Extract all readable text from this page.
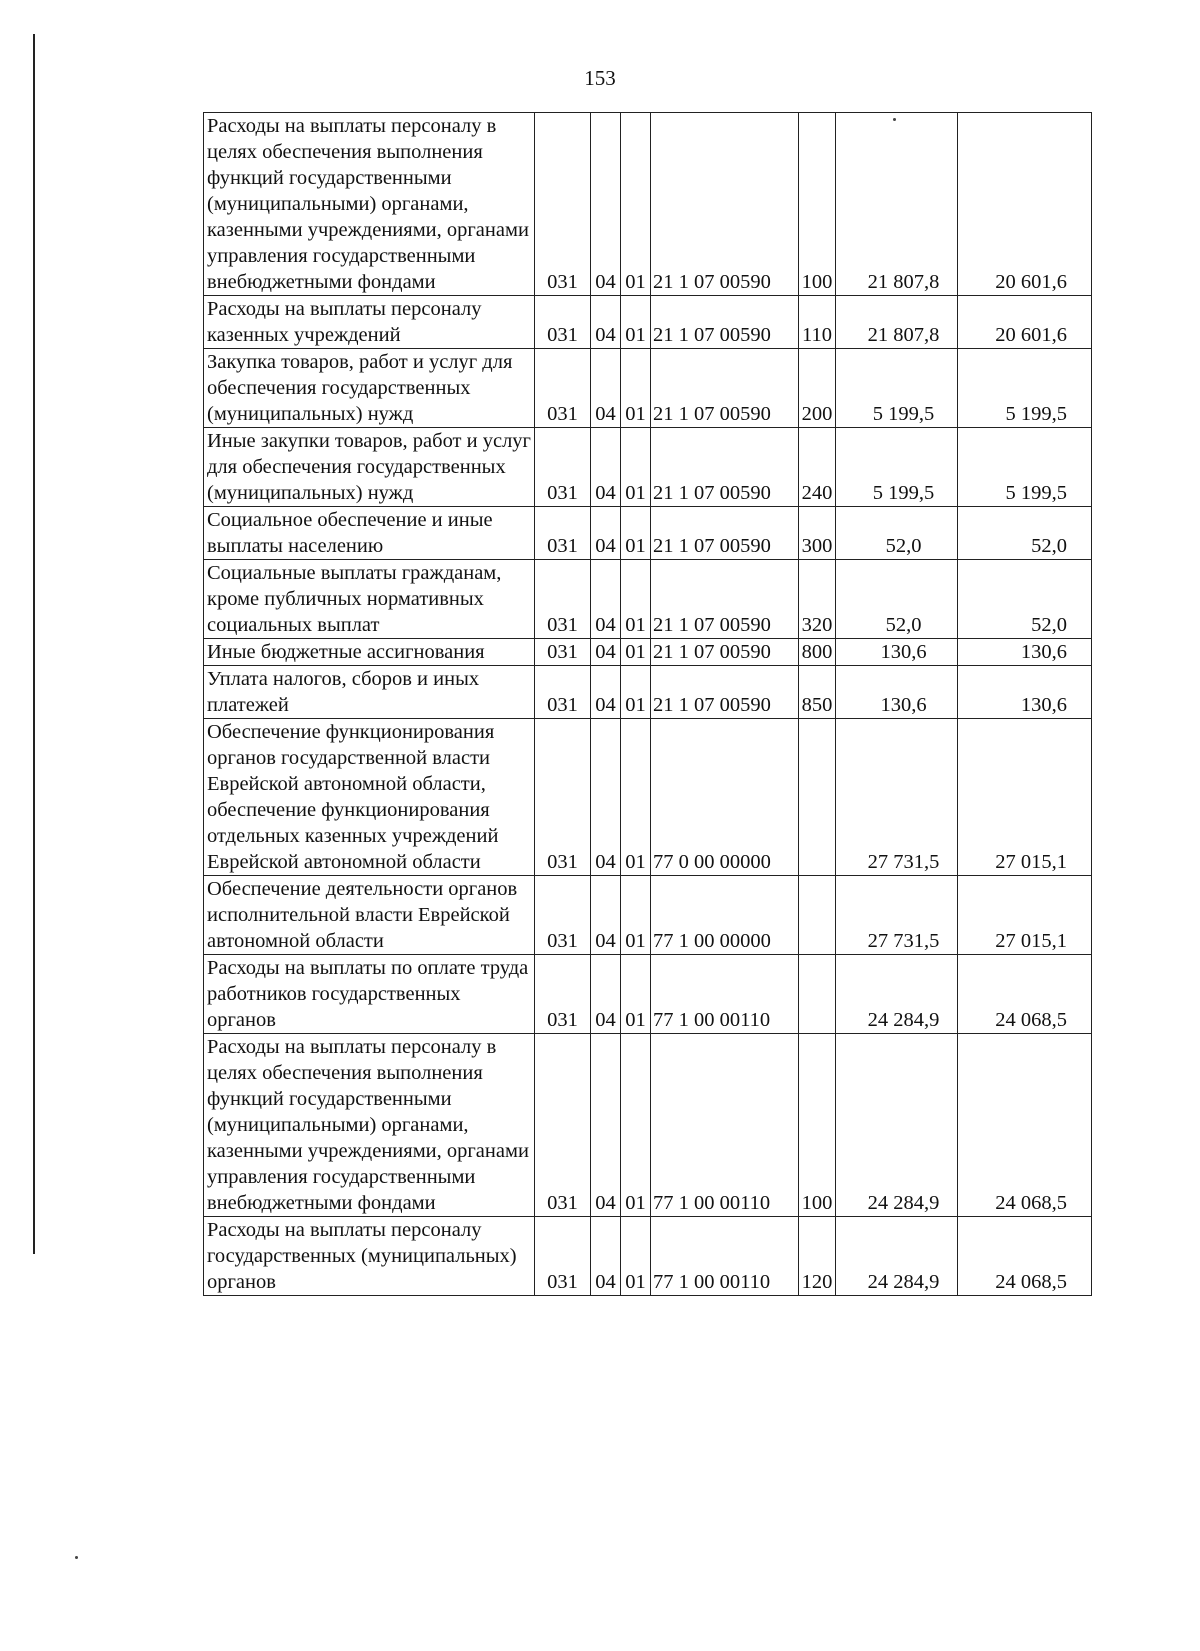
153
Расходы на выплаты персоналу в целях обеспечения выполнения функций государственными (муниципальными) органами, казенными учреждениями, органами управления государственными внебюджетными фондами	031	04	01	21 1 07 00590	100	21 807,8	20 601,6
Расходы на выплаты персоналу казенных учреждений	031	04	01	21 1 07 00590	110	21 807,8	20 601,6
Закупка товаров, работ и услуг для обеспечения государственных (муниципальных) нужд	031	04	01	21 1 07 00590	200	5 199,5	5 199,5
Иные закупки товаров, работ и услуг для обеспечения государственных (муниципальных) нужд	031	04	01	21 1 07 00590	240	5 199,5	5 199,5
Социальное обеспечение и иные выплаты населению	031	04	01	21 1 07 00590	300	52,0	52,0
Социальные выплаты гражданам, кроме публичных нормативных социальных выплат	031	04	01	21 1 07 00590	320	52,0	52,0
Иные бюджетные ассигнования	031	04	01	21 1 07 00590	800	130,6	130,6
Уплата налогов, сборов и иных платежей	031	04	01	21 1 07 00590	850	130,6	130,6
Обеспечение функционирования органов государственной власти Еврейской автономной области, обеспечение функционирования отдельных казенных учреждений Еврейской автономной области	031	04	01	77 0 00 00000		27 731,5	27 015,1
Обеспечение деятельности органов исполнительной власти Еврейской автономной области	031	04	01	77 1 00 00000		27 731,5	27 015,1
Расходы на выплаты по оплате труда работников государственных органов	031	04	01	77 1 00 00110		24 284,9	24 068,5
Расходы на выплаты персоналу в целях обеспечения выполнения функций государственными (муниципальными) органами, казенными учреждениями, органами управления государственными внебюджетными фондами	031	04	01	77 1 00 00110	100	24 284,9	24 068,5
Расходы на выплаты персоналу государственных (муниципальных) органов	031	04	01	77 1 00 00110	120	24 284,9	24 068,5
